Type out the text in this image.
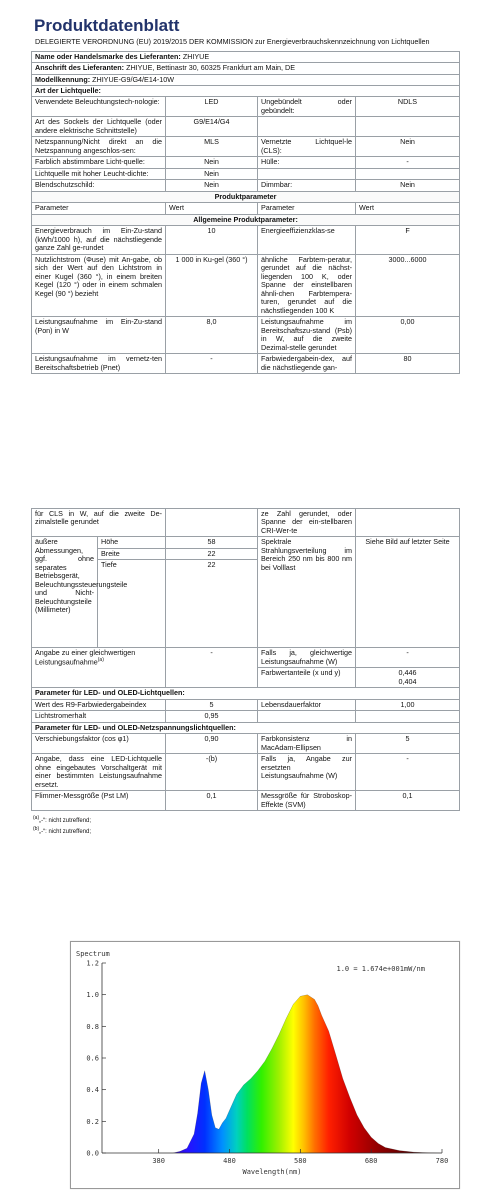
Produktdatenblatt
DELEGIERTE VERORDNUNG (EU) 2019/2015 DER KOMMISSION zur Energieverbrauchskennzeichnung von Lichtquellen
Name oder Handelsmarke des Lieferanten: ZHIYUE			
Anschrift des Lieferanten: ZHIYUE, Bettinastr 30, 60325 Frankfurt am Main, DE			
Modellkennung: ZHIYUE-G9/G4/E14-10W			
Art der Lichtquelle:			
Verwendete Beleuchtungstech-nologie:	LED	Ungebündelt oder gebündelt:	NDLS
Art des Sockels der Lichtquelle (oder andere elektrische Schnittstelle)	G9/E14/G4		
Netzspannung/Nicht direkt an die Netzspannung angeschlos-sen:	MLS	Vernetzte Lichtquel-le (CLS):	Nein
Farblich abstimmbare Licht-quelle:	Nein	Hülle:	-
Lichtquelle mit hoher Leucht-dichte:	Nein		
Blendschutzschild:	Nein	Dimmbar:	Nein
Produktparameter			
Parameter	Wert	Parameter	Wert
Allgemeine Produktparameter:			
Energieverbrauch im Ein-Zu-stand (kWh/1000 h), auf die nächstliegende ganze Zahl ge-rundet	10	Energieeffizienzklas-se	F
Nutzlichtstrom (Φuse) mit An-gabe, ob sich der Wert auf den Lichtstrom in einer Kugel (360 °), in einem breiten Kegel (120 °) oder in einem schmalen Kegel (90 °) bezieht	1 000 in Ku-gel (360 °)	ähnliche Farbtem-peratur, gerundet auf die nächst-liegenden 100 K, oder Spanne der einstellbaren ähnli-chen Farbtempera-turen, gerundet auf die nächstliegenden 100 K	3000...6000
Leistungsaufnahme im Ein-Zu-stand (Pon) in W	8,0	Leistungsaufnahme im Bereitschaftszu-stand (Psb) in W, auf die zweite Dezimal-stelle gerundet	0,00
Leistungsaufnahme im vernetz-ten Bereitschaftsbetrieb (Pnet)	-	Farbwiedergabein-dex, auf die nächstliegende gan-	80
für CLS in W, auf die zweite De-zimalstelle gerundet			ze Zahl gerundet, oder Spanne der ein-stellbaren CRI-Wer-te	
äußere Abmessungen, ggf. ohne separates Betriebsgerät, Beleuchtungssteuerungsteile und Nicht-Beleuchtungsteile (Millimeter)	Höhe	58	Spektrale Strahlungsverteilung im Bereich 250 nm bis 800 nm bei Volllast	Siehe Bild auf letzter Seite
	Breite	22		
	Tiefe	22		
Angabe zu einer gleichwertigen Leistungsaufnahme$^{(a)}$		-	Falls ja, gleichwertige Leistungsaufnahme (W)	-
			Farbwertanteile (x und y)	0,446
0,404

Parameter für LED- und OLED-Lichtquellen:				
Wert des R9-Farbwiedergabeindex		5	Lebensdauerfaktor	1,00
Lichtstromerhalt		0,95		
Parameter für LED- und OLED-Netzspannungslichtquellen:				
Verschiebungsfaktor (cos φ1)		0,90	Farbkonsistenz in MacAdam-Ellipsen	5
Angabe, dass eine LED-Lichtquelle ohne eingebautes Vorschaltgerät mit einer bestimmten Leistungsaufnahme ersetzt.		-(b)	Falls ja, Angabe zur ersetzten Leistungsaufnahme (W)	-
Flimmer-Messgröße (Pst LM)		0,1	Messgröße für Stroboskop-Effekte (SVM)	0,1
$^{(a)}$„-“: nicht zutreffend;
$^{(b)}$„-“: nicht zutreffend;
0.0
0.2
0.4
0.6
0.8
1.0
1.2
380	480	580	680	780
Spectrum
Wavelength(nm)
1.0 = 1.674e+001mW/nm
